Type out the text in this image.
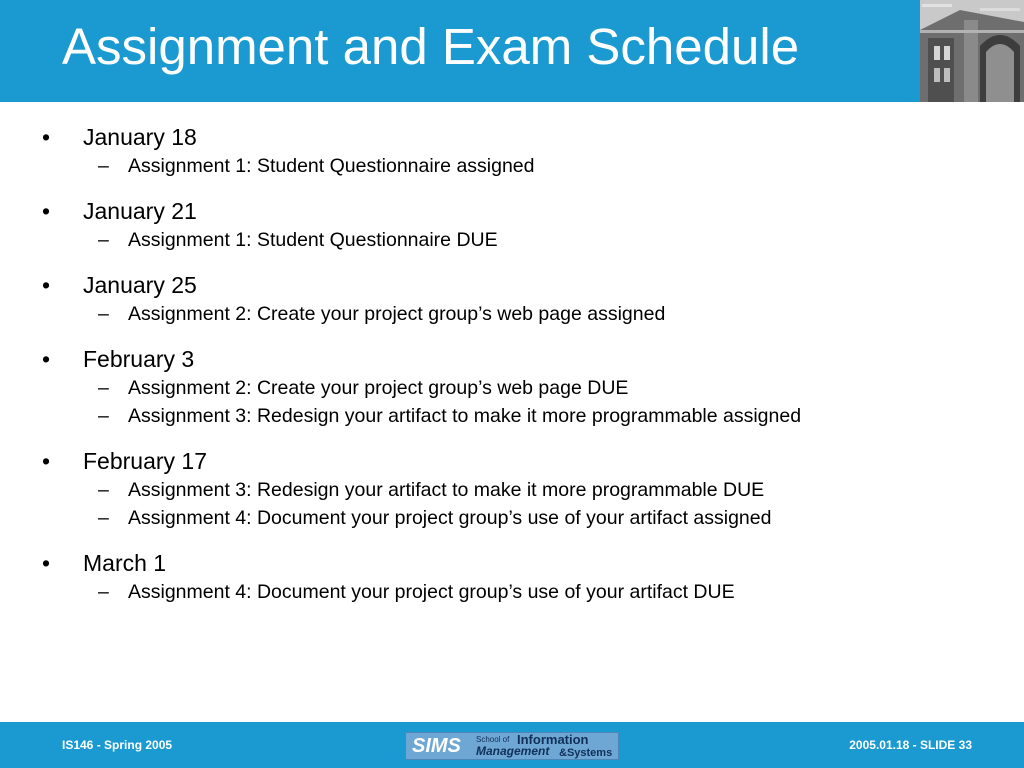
Assignment and Exam Schedule
• January 18
– Assignment 1: Student Questionnaire assigned
• January 21
– Assignment 1: Student Questionnaire DUE
• January 25
– Assignment 2: Create your project group’s web page assigned
• February 3
– Assignment 2: Create your project group’s web page DUE
– Assignment 3: Redesign your artifact to make it more programmable assigned
• February 17
– Assignment 3: Redesign your artifact to make it more programmable DUE
– Assignment 4: Document your project group’s use of your artifact assigned
• March 1
– Assignment 4: Document your project group’s use of your artifact DUE
IS146 - Spring 2005	SIMS School of Information
Management &Systems
2005.01.18 - SLIDE 33
